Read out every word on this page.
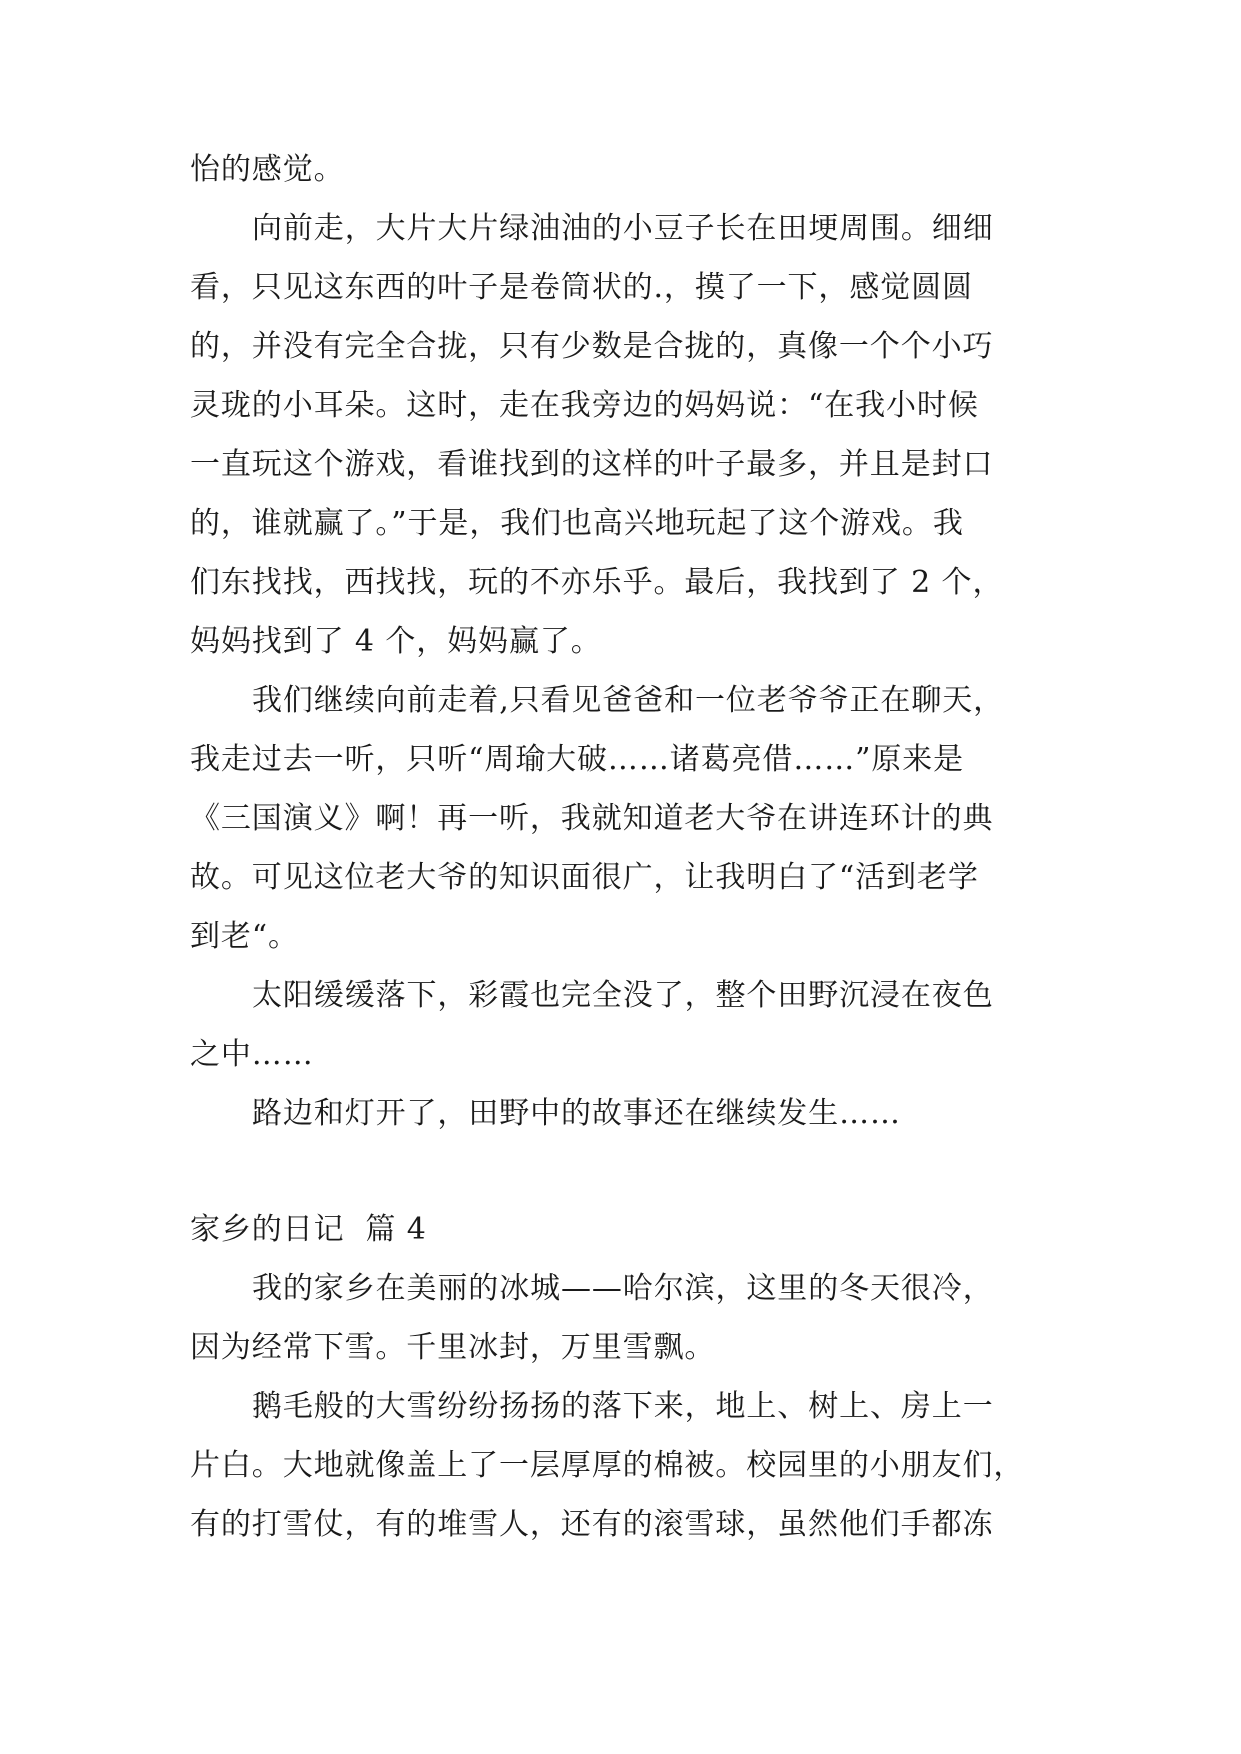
怡的感觉。
向前走，大片大片绿油油的小豆子长在田埂周围。细细
看，只见这东西的叶子是卷筒状的.，摸了一下，感觉圆圆
的，并没有完全合拢，只有少数是合拢的，真像一个个小巧
灵珑的小耳朵。这时，走在我旁边的妈妈说：“在我小时候
一直玩这个游戏，看谁找到的这样的叶子最多，并且是封口
的，谁就赢了。”于是，我们也高兴地玩起了这个游戏。我
们东找找，西找找，玩的不亦乐乎。最后，我找到了 2 个，
妈妈找到了 4 个，妈妈赢了。
我们继续向前走着,只看见爸爸和一位老爷爷正在聊天，
我走过去一听，只听“周瑜大破……诸葛亮借……”原来是
《三国演义》啊！再一听，我就知道老大爷在讲连环计的典
故。可见这位老大爷的知识面很广，让我明白了“活到老学
到老“。
太阳缓缓落下，彩霞也完全没了，整个田野沉浸在夜色
之中……
路边和灯开了，田野中的故事还在继续发生……
家乡的日记  篇 4
我的家乡在美丽的冰城——哈尔滨，这里的冬天很冷，
因为经常下雪。千里冰封，万里雪飘。
鹅毛般的大雪纷纷扬扬的落下来，地上、树上、房上一
片白。大地就像盖上了一层厚厚的棉被。校园里的小朋友们，
有的打雪仗，有的堆雪人，还有的滚雪球，虽然他们手都冻
